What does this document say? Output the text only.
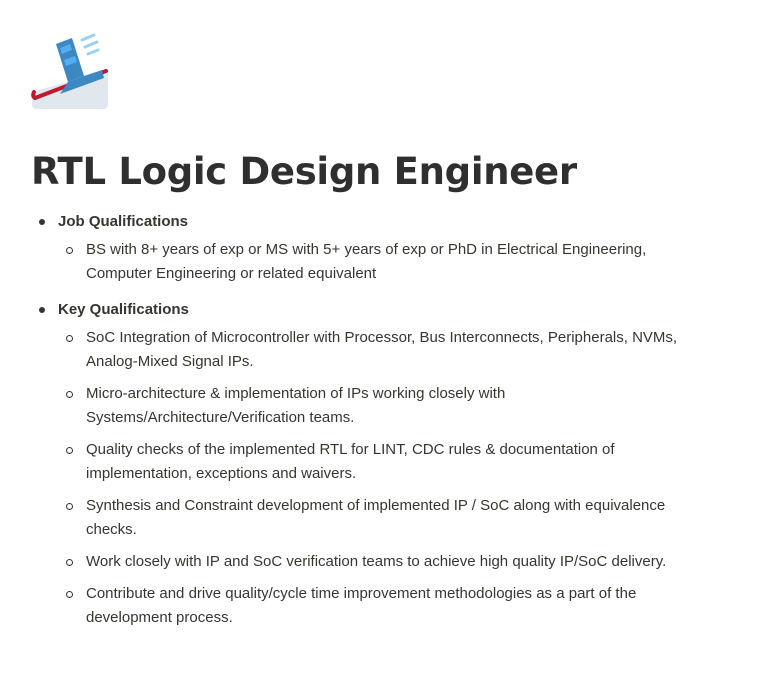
RTL Logic Design Engineer
Job Qualifications
BS with 8+ years of exp or MS with 5+ years of exp or PhD in Electrical Engineering, Computer Engineering or related equivalent
Key Qualifications
SoC Integration of Microcontroller with Processor, Bus Interconnects, Peripherals, NVMs, Analog-Mixed Signal IPs.
Micro-architecture & implementation of IPs working closely with Systems/Architecture/Verification teams.
Quality checks of the implemented RTL for LINT, CDC rules & documentation of implementation, exceptions and waivers.
Synthesis and Constraint development of implemented IP / SoC along with equivalence checks.
Work closely with IP and SoC verification teams to achieve high quality IP/SoC delivery.
Contribute and drive quality/cycle time improvement methodologies as a part of the development process.
